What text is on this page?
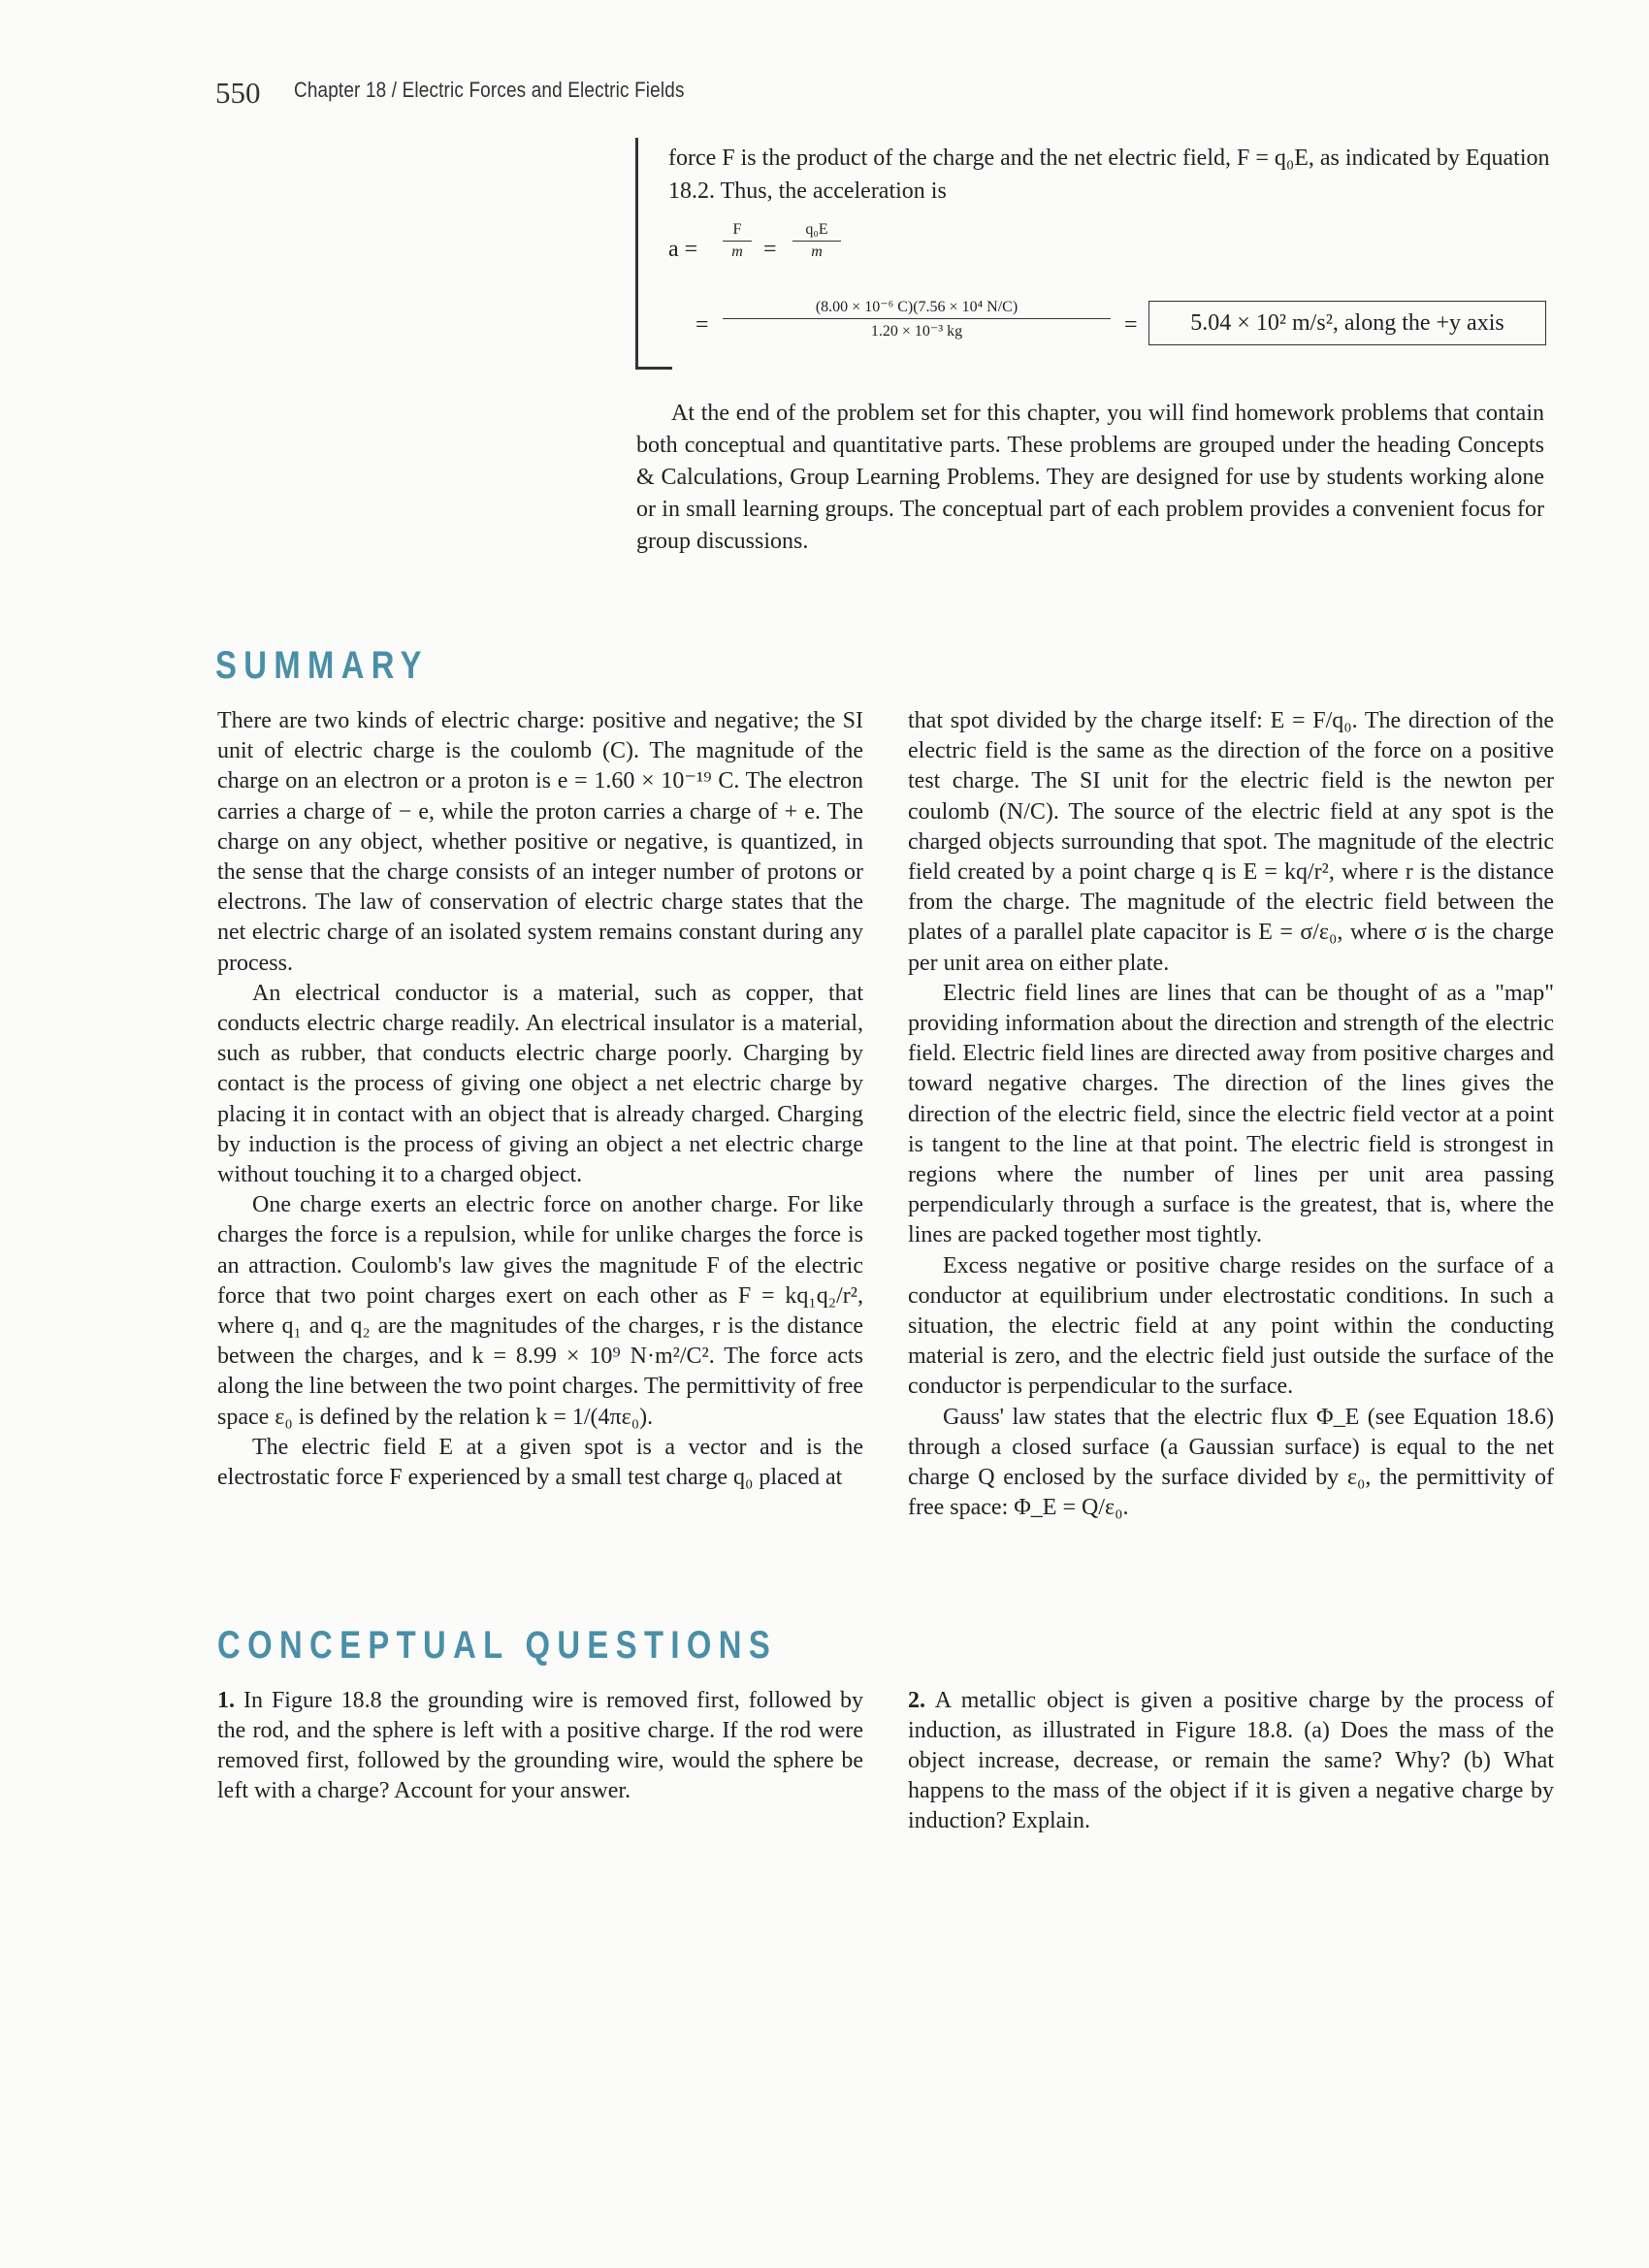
550 Chapter 18 / Electric Forces and Electric Fields
force F is the product of the charge and the net electric field, F = q₀E, as indicated by Equation 18.2. Thus, the acceleration is
$a = \frac{F}{m} = \frac{\text{q₀E}}{m}$
= $\frac{\text{(8.00 × 10⁻⁶ C)(7.56 × 10⁴ N/C)}}{\text{1.20 × 10⁻³ kg}}$ =	5.04 × 10² m/s², along the +y axis

At the end of the problem set for this chapter, you will find homework problems that contain both conceptual and quantitative parts. These problems are grouped under the heading Concepts & Calculations, Group Learning Problems. They are designed for use by students working alone or in small learning groups. The conceptual part of each problem provides a convenient focus for group discussions.

SUMMARY

There are two kinds of electric charge: positive and negative; the SI unit of electric charge is the coulomb (C). The magnitude of the charge on an electron or a proton is e = 1.60 × 10⁻¹⁹ C. The electron carries a charge of − e, while the proton carries a charge of + e. The charge on any object, whether positive or negative, is quantized, in the sense that the charge consists of an integer number of protons or electrons. The law of conservation of electric charge states that the net electric charge of an isolated system remains constant during any process.

An electrical conductor is a material, such as copper, that conducts electric charge readily. An electrical insulator is a material, such as rubber, that conducts electric charge poorly. Charging by contact is the process of giving one object a net electric charge by placing it in contact with an object that is already charged. Charging by induction is the process of giving an object a net electric charge without touching it to a charged object.

One charge exerts an electric force on another charge. For like charges the force is a repulsion, while for unlike charges the force is an attraction. Coulomb's law gives the magnitude F of the electric force that two point charges exert on each other as F = kq₁q₂/r², where q₁ and q₂ are the magnitudes of the charges, r is the distance between the charges, and k = 8.99 × 10⁹ N·m²/C². The force acts along the line between the two point charges. The permittivity of free space ε₀ is defined by the relation k = 1/(4πε₀).

The electric field E at a given spot is a vector and is the electrostatic force F experienced by a small test charge q₀ placed at

that spot divided by the charge itself: E = F/q₀. The direction of the electric field is the same as the direction of the force on a positive test charge. The SI unit for the electric field is the newton per coulomb (N/C). The source of the electric field at any spot is the charged objects surrounding that spot. The magnitude of the electric field created by a point charge q is E = kq/r², where r is the distance from the charge. The magnitude of the electric field between the plates of a parallel plate capacitor is E = σ/ε₀, where σ is the charge per unit area on either plate.

Electric field lines are lines that can be thought of as a "map" providing information about the direction and strength of the electric field. Electric field lines are directed away from positive charges and toward negative charges. The direction of the lines gives the direction of the electric field, since the electric field vector at a point is tangent to the line at that point. The electric field is strongest in regions where the number of lines per unit area passing perpendicularly through a surface is the greatest, that is, where the lines are packed together most tightly.

Excess negative or positive charge resides on the surface of a conductor at equilibrium under electrostatic conditions. In such a situation, the electric field at any point within the conducting material is zero, and the electric field just outside the surface of the conductor is perpendicular to the surface.

Gauss' law states that the electric flux Φ_E (see Equation 18.6) through a closed surface (a Gaussian surface) is equal to the net charge Q enclosed by the surface divided by ε₀, the permittivity of free space: Φ_E = Q/ε₀.

CONCEPTUAL QUESTIONS

1. In Figure 18.8 the grounding wire is removed first, followed by the rod, and the sphere is left with a positive charge. If the rod were removed first, followed by the grounding wire, would the sphere be left with a charge? Account for your answer.

2. A metallic object is given a positive charge by the process of induction, as illustrated in Figure 18.8. (a) Does the mass of the object increase, decrease, or remain the same? Why? (b) What happens to the mass of the object if it is given a negative charge by induction? Explain.
